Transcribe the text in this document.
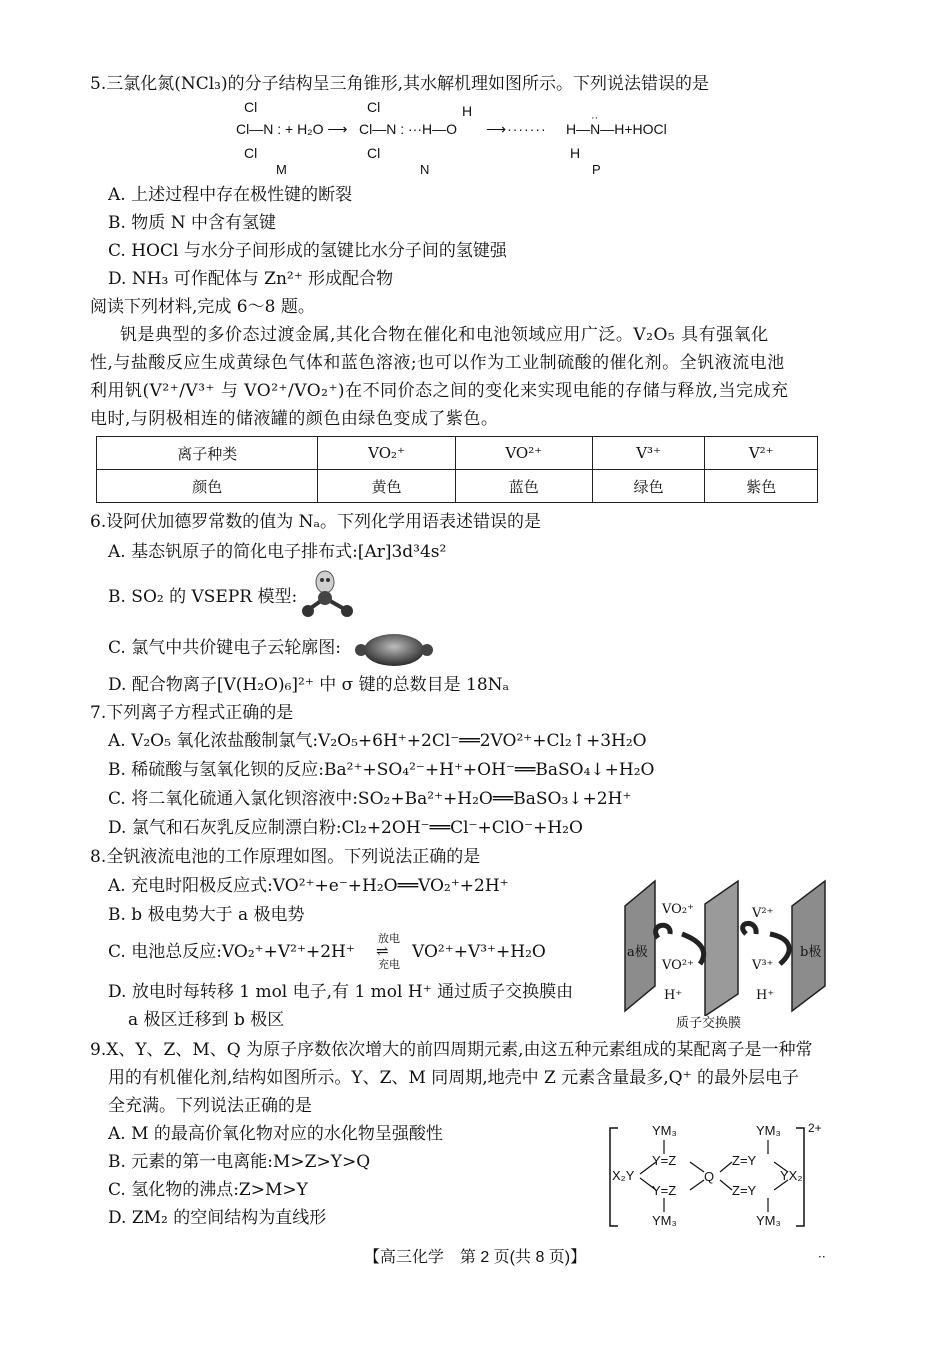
5.三氯化氮(NCl₃)的分子结构呈三角锥形,其水解机理如图所示。下列说法错误的是
Cl
Cl—N : + H₂O ⟶
Cl
M
Cl	H
Cl—N : ···H—O
Cl
N
⟶·······
··
H—N—H+HOCl
H
P
A. 上述过程中存在极性键的断裂
B. 物质 N 中含有氢键
C. HOCl 与水分子间形成的氢键比水分子间的氢键强
D. NH₃ 可作配体与 Zn²⁺ 形成配合物
阅读下列材料,完成 6～8 题。
钒是典型的多价态过渡金属,其化合物在催化和电池领域应用广泛。V₂O₅ 具有强氧化
性,与盐酸反应生成黄绿色气体和蓝色溶液;也可以作为工业制硫酸的催化剂。全钒液流电池
利用钒(V²⁺/V³⁺ 与 VO²⁺/VO₂⁺)在不同价态之间的变化来实现电能的存储与释放,当完成充
电时,与阴极相连的储液罐的颜色由绿色变成了紫色。
离子种类	VO₂⁺	VO²⁺	V³⁺	V²⁺
颜色	黄色	蓝色	绿色	紫色
6.设阿伏加德罗常数的值为 Nₐ。下列化学用语表述错误的是
A. 基态钒原子的简化电子排布式:[Ar]3d³4s²
B. SO₂ 的 VSEPR 模型:
C. 氯气中共价键电子云轮廓图:
D. 配合物离子[V(H₂O)₆]²⁺ 中 σ 键的总数目是 18Nₐ
7.下列离子方程式正确的是
A. V₂O₅ 氧化浓盐酸制氯气:V₂O₅+6H⁺+2Cl⁻══2VO²⁺+Cl₂↑+3H₂O
B. 稀硫酸与氢氧化钡的反应:Ba²⁺+SO₄²⁻+H⁺+OH⁻══BaSO₄↓+H₂O
C. 将二氧化硫通入氯化钡溶液中:SO₂+Ba²⁺+H₂O══BaSO₃↓+2H⁺
D. 氯气和石灰乳反应制漂白粉:Cl₂+2OH⁻══Cl⁻+ClO⁻+H₂O
8.全钒液流电池的工作原理如图。下列说法正确的是
A. 充电时阳极反应式:VO²⁺+e⁻+H₂O══VO₂⁺+2H⁺
B. b 极电势大于 a 极电势
C. 电池总反应:VO₂⁺+V²⁺+2H⁺
放电
⇌
充电
VO²⁺+V³⁺+H₂O
D. 放电时每转移 1 mol 电子,有 1 mol H⁺ 通过质子交换膜由
a 极区迁移到 b 极区
a极	b极
VO₂⁺
VO²⁺
V²⁺
V³⁺
H⁺	H⁺
质子交换膜
9.X、Y、Z、M、Q 为原子序数依次增大的前四周期元素,由这五种元素组成的某配离子是一种常
用的有机催化剂,结构如图所示。Y、Z、M 同周期,地壳中 Z 元素含量最多,Q⁺ 的最外层电子
全充满。下列说法正确的是
A. M 的最高价氧化物对应的水化物呈强酸性
B. 元素的第一电离能:M>Z>Y>Q
C. 氢化物的沸点:Z>M>Y
D. ZM₂ 的空间结构为直线形
YM₃	YM₃ 2+
Y=Z	Z=Y
X₂Y	Q	YX₂
Y=Z	Z=Y
YM₃	YM₃
【高三化学　第 2 页(共 8 页)】	··
